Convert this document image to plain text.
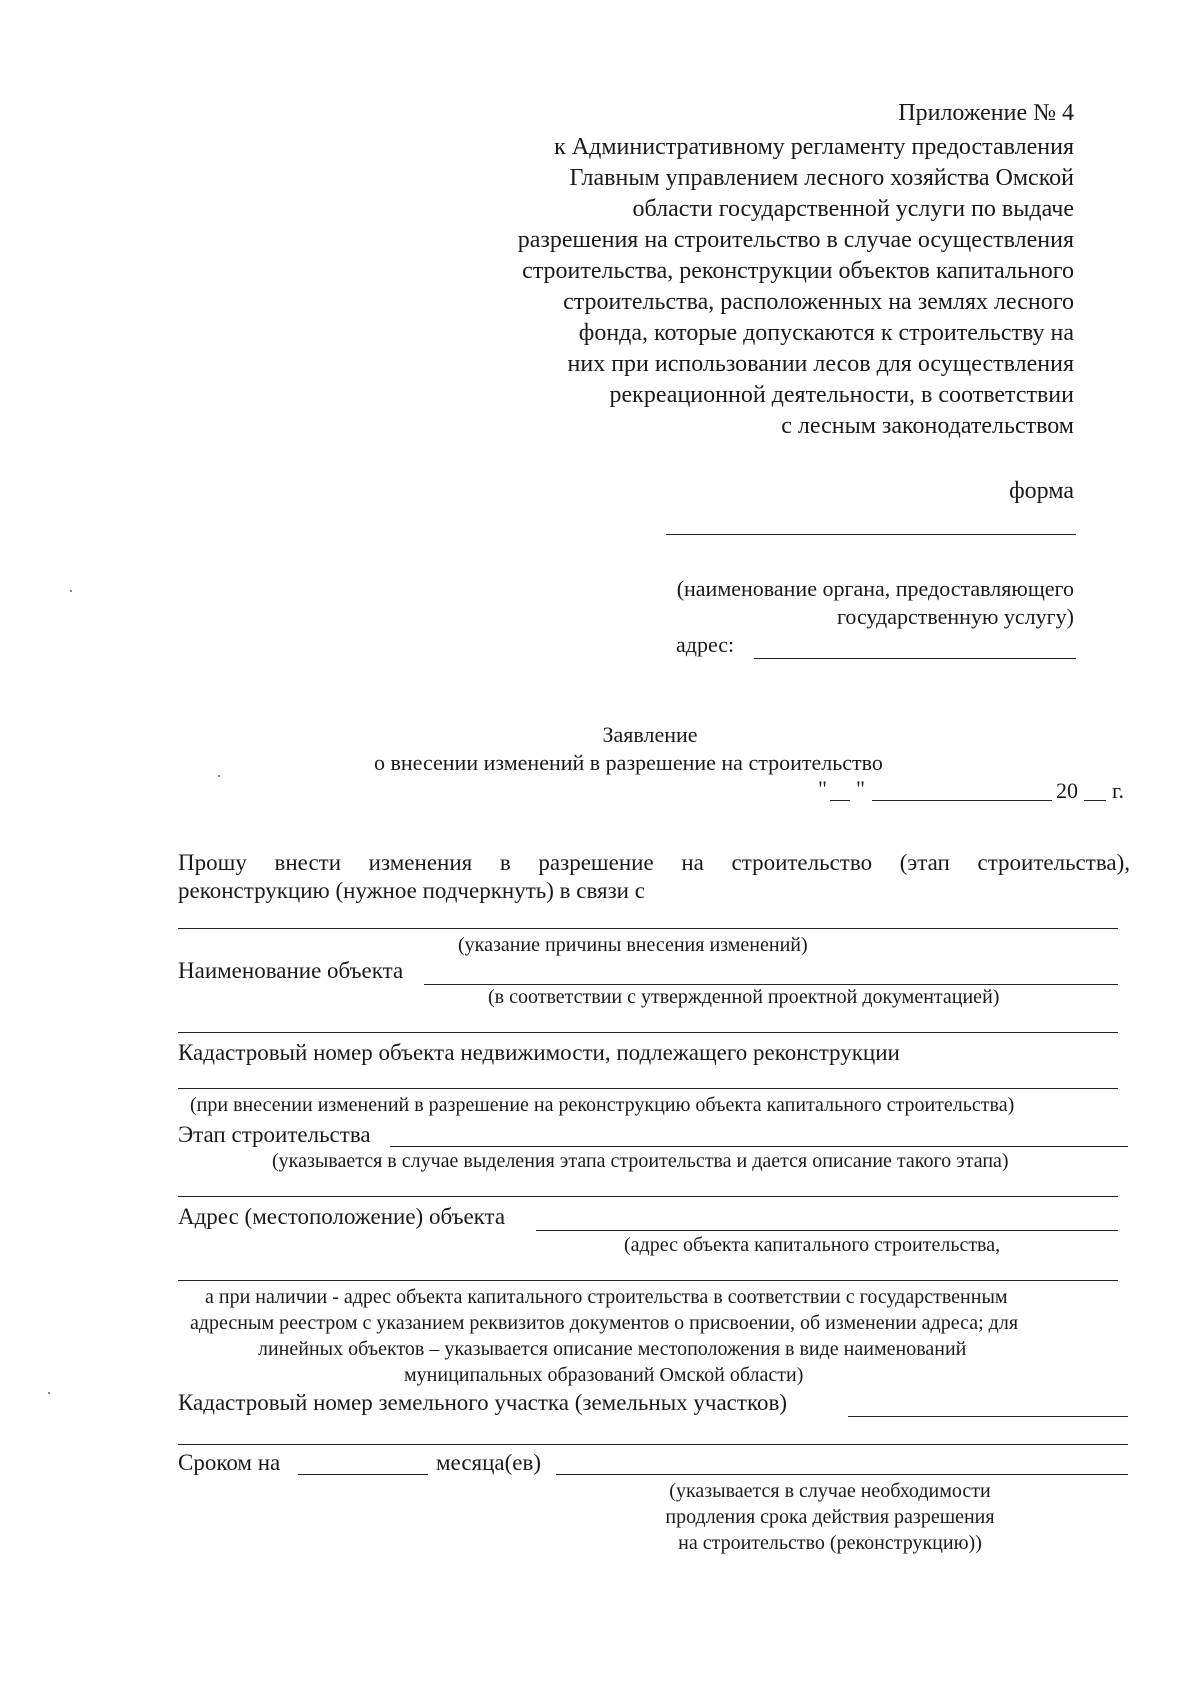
Приложение № 4
к Административному регламенту предоставления
Главным управлением лесного хозяйства Омской
области государственной услуги по выдаче
разрешения на строительство в случае осуществления
строительства, реконструкции объектов капитального
строительства, расположенных на землях лесного
фонда, которые допускаются к строительству на
них при использовании лесов для осуществления
рекреационной деятельности, в соответствии
с лесным законодательством
форма
(наименование органа, предоставляющего
государственную услугу)
адрес:
Заявление
о внесении изменений в разрешение на строительство
" "	20 г.
Прошу внести изменения в разрешение на строительство (этап строительства),
реконструкцию (нужное подчеркнуть) в связи с
(указание причины внесения изменений)
Наименование объекта
(в соответствии с утвержденной проектной документацией)
Кадастровый номер объекта недвижимости, подлежащего реконструкции
(при внесении изменений в разрешение на реконструкцию объекта капитального строительства)
Этап строительства
(указывается в случае выделения этапа строительства и дается описание такого этапа)
Адрес (местоположение) объекта
(адрес объекта капитального строительства,
а при наличии - адрес объекта капитального строительства в соответствии с государственным
адресным реестром с указанием реквизитов документов о присвоении, об изменении адреса; для
линейных объектов – указывается описание местоположения в виде наименований
муниципальных образований Омской области)
Кадастровый номер земельного участка (земельных участков)
Сроком на	месяца(ев)
(указывается в случае необходимости
продления срока действия разрешения
на строительство (реконструкцию))
